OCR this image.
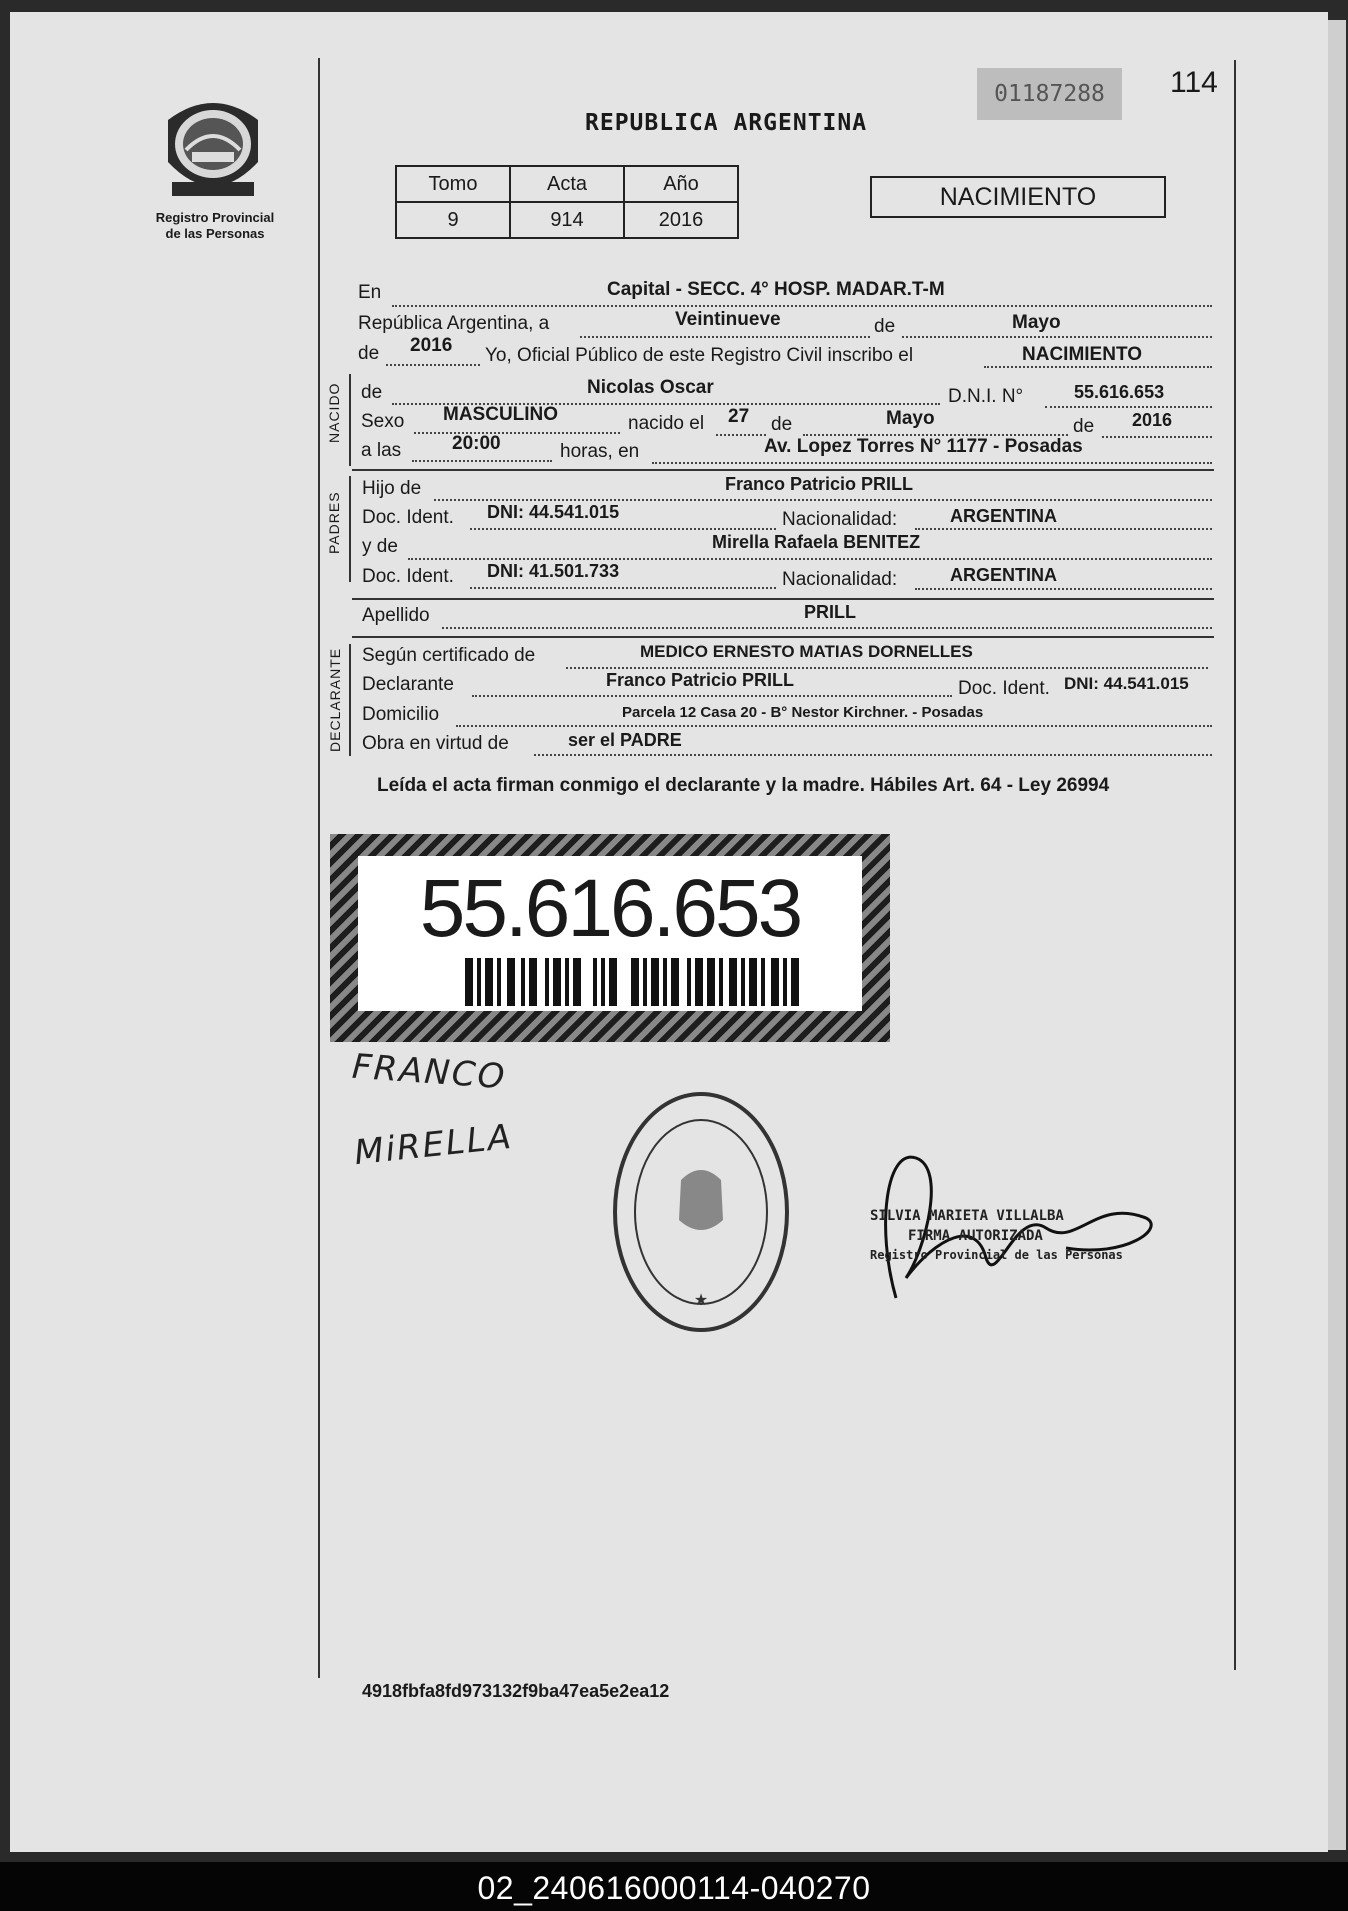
Registro Provincial
de las Personas
01187288	114
REPUBLICA ARGENTINA
Tomo	Acta	Año
9	914	2016
NACIMIENTO
En	Capital - SECC. 4° HOSP. MADAR.T-M
República Argentina, a	Veintinueve	de	Mayo
de 2016 Yo, Oficial Público de este Registro Civil inscribo el	NACIMIENTO
NACIDO de	Nicolas Oscar	D.N.I. N°	55.616.653
Sexo MASCULINO	nacido el 27 de	Mayo	de 2016
a las	20:00	horas, en	Av. Lopez Torres N° 1177 - Posadas
PADRES
Hijo de	Franco Patricio PRILL
Doc. Ident. DNI: 44.541.015	Nacionalidad:	ARGENTINA
y de	Mirella Rafaela BENITEZ
Doc. Ident. DNI: 41.501.733	Nacionalidad:	ARGENTINA
Apellido	PRILL
DECLARANTE Según certificado de	MEDICO ERNESTO MATIAS DORNELLES
Declarante	Franco Patricio PRILL	Doc. Ident. DNI: 44.541.015
Domicilio	Parcela 12 Casa 20 - B° Nestor Kirchner. - Posadas
Obra en virtud de	ser el PADRE
Leída el acta firman conmigo el declarante y la madre. Hábiles Art. 64 - Ley 26994
55.616.653
FRANCO
MiRELLA
★
SILVIA MARIETA VILLALBA
FIRMA AUTORIZADA
Registro Provincial de las Personas
4918fbfa8fd973132f9ba47ea5e2ea12
02_240616000114-040270
